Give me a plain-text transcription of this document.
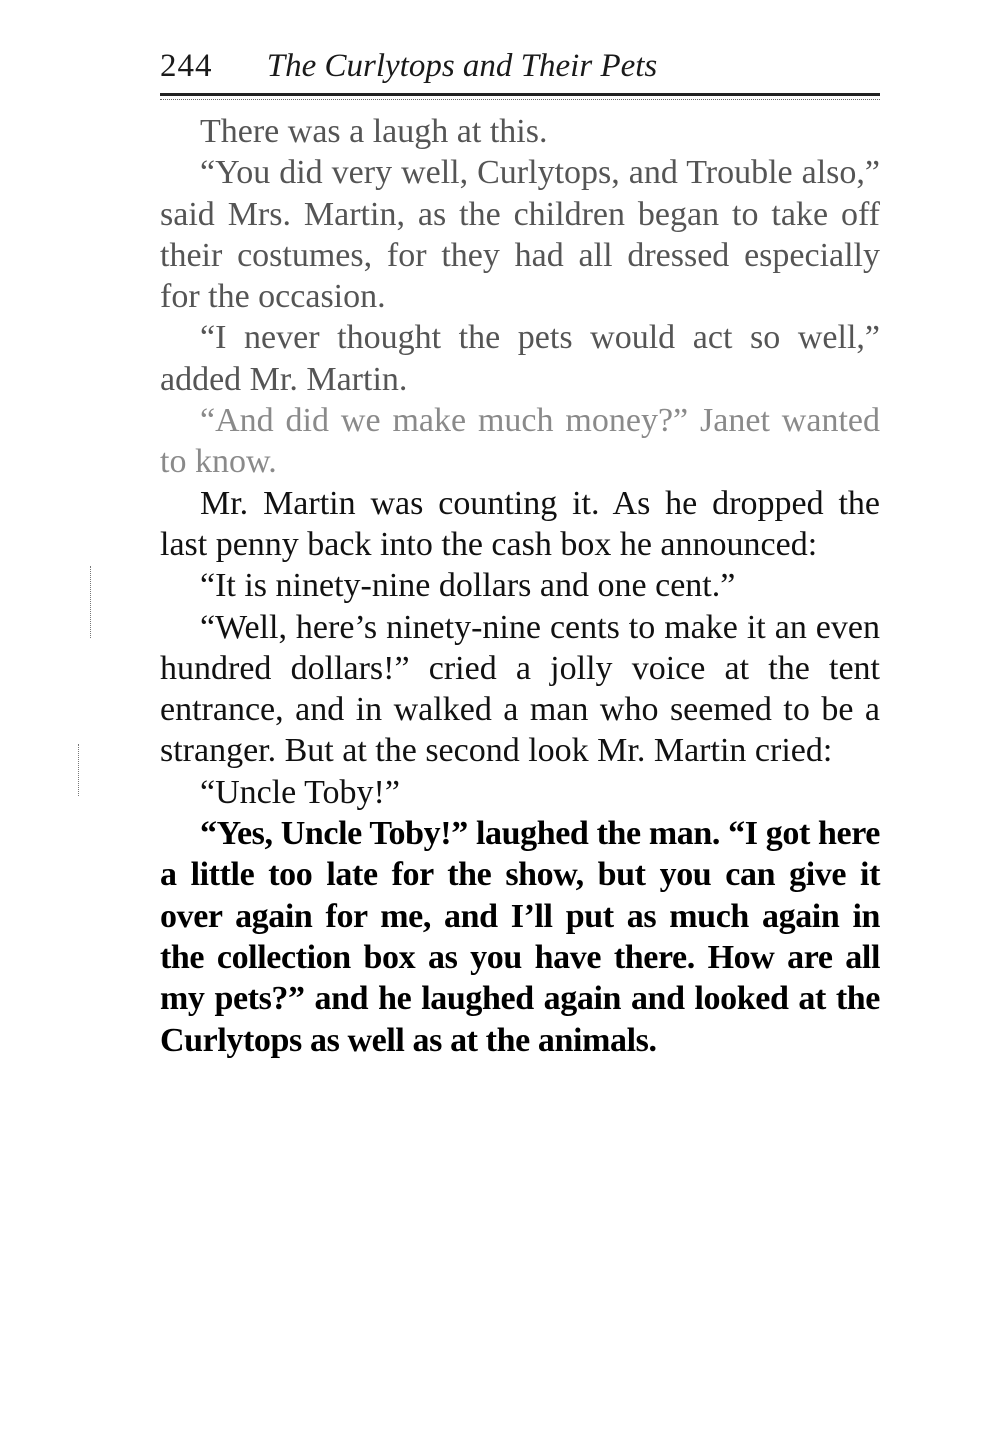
244 The Curlytops and Their Pets

There was a laugh at this.

“You did very well, Curlytops, and Trouble also,” said Mrs. Martin, as the children began to take off their costumes, for they had all dressed especially for the occasion.

“I never thought the pets would act so well,” added Mr. Martin.

“And did we make much money?” Janet wanted to know.

Mr. Martin was counting it. As he dropped the last penny back into the cash box he announced:

“It is ninety-nine dollars and one cent.”

“Well, here’s ninety-nine cents to make it an even hundred dollars!” cried a jolly voice at the tent entrance, and in walked a man who seemed to be a stranger. But at the second look Mr. Martin cried:

“Uncle Toby!”

“Yes, Uncle Toby!” laughed the man. “I got here a little too late for the show, but you can give it over again for me, and I’ll put as much again in the collection box as you have there. How are all my pets?” and he laughed again and looked at the Curlytops as well as at the animals.
